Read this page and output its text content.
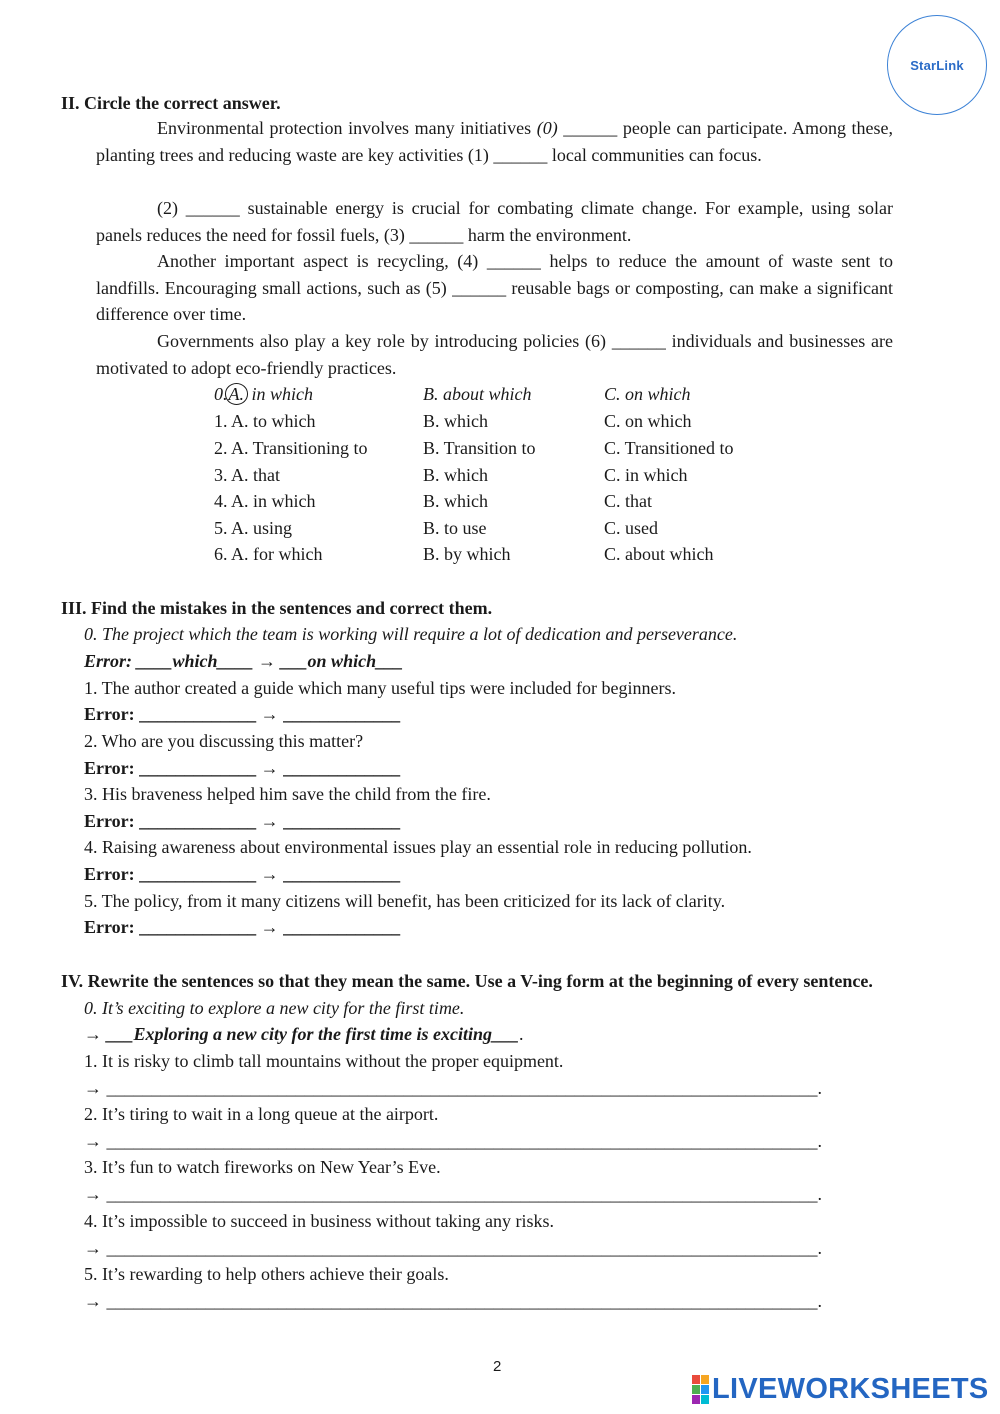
StarLink
II. Circle the correct answer.
Environmental protection involves many initiatives (0) ______ people can participate. Among these, planting trees and reducing waste are key activities (1) ______ local communities can focus.
(2) ______ sustainable energy is crucial for combating climate change. For example, using solar panels reduces the need for fossil fuels, (3) ______ harm the environment.
Another important aspect is recycling, (4) ______ helps to reduce the amount of waste sent to landfills. Encouraging small actions, such as (5) ______ reusable bags or composting, can make a significant difference over time.
Governments also play a key role by introducing policies (6) ______ individuals and businesses are motivated to adopt eco-friendly practices.
0.A. in which	B. about which	C. on which
1. A. to which	B. which	C. on which
2. A. Transitioning to	B. Transition to	C. Transitioned to
3. A. that	B. which	C. in which
4. A. in which	B. which	C. that
5. A. using	B. to use	C. used
6. A. for which	B. by which	C. about which
III. Find the mistakes in the sentences and correct them.
0. The project which the team is working will require a lot of dedication and perseverance.
Error: ____which____ → ___on which___
1. The author created a guide which many useful tips were included for beginners.
Error: _____________ → _____________
2. Who are you discussing this matter?
Error: _____________ → _____________
3. His braveness helped him save the child from the fire.
Error: _____________ → _____________
4. Raising awareness about environmental issues play an essential role in reducing pollution.
Error: _____________ → _____________
5. The policy, from it many citizens will benefit, has been criticized for its lack of clarity.
Error: _____________ → _____________
IV. Rewrite the sentences so that they mean the same. Use a V-ing form at the beginning of every sentence.
0. It’s exciting to explore a new city for the first time.
→ ___Exploring a new city for the first time is exciting___.
1. It is risky to climb tall mountains without the proper equipment.
→ _______________________________________________________________________________.
2. It’s tiring to wait in a long queue at the airport.
→ _______________________________________________________________________________.
3. It’s fun to watch fireworks on New Year’s Eve.
→ _______________________________________________________________________________.
4. It’s impossible to succeed in business without taking any risks.
→ _______________________________________________________________________________.
5. It’s rewarding to help others achieve their goals.
→ _______________________________________________________________________________.
2
LIVEWORKSHEETS
